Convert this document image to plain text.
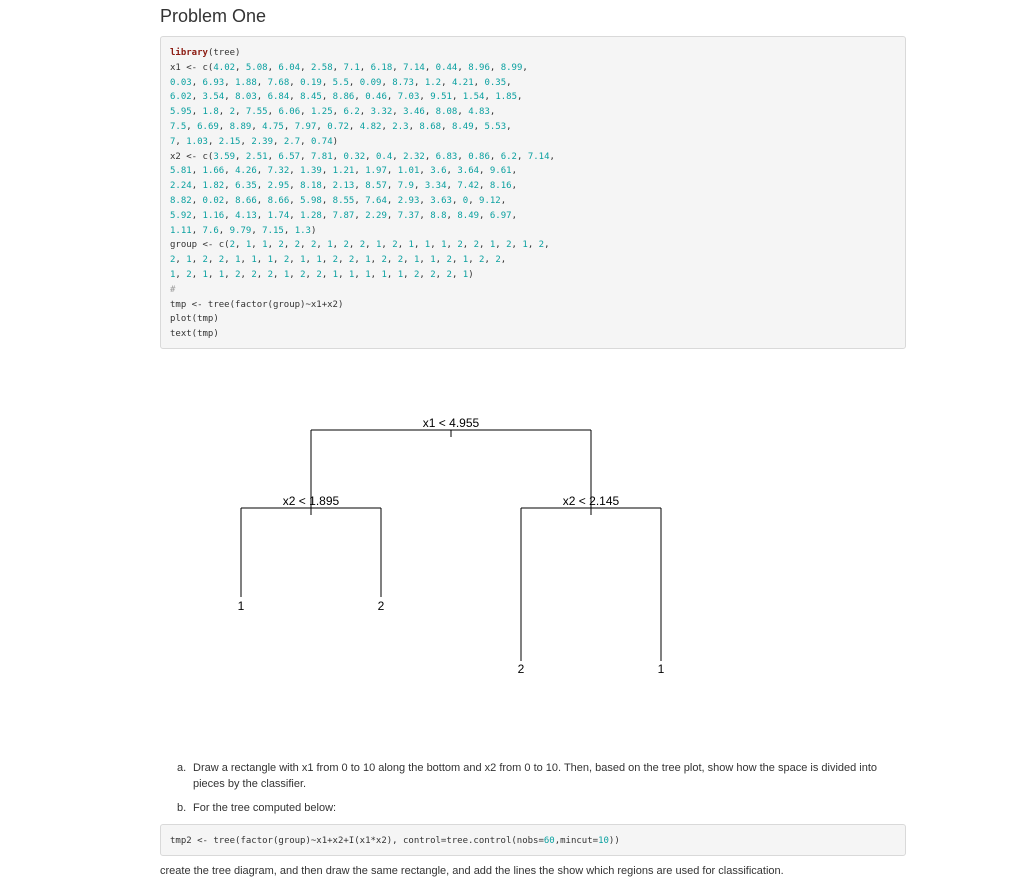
Problem One
library(tree)
x1 <- c(4.02, 5.08, 6.04, 2.58, 7.1, 6.18, 7.14, 0.44, 8.96, 8.99,
0.03, 6.93, 1.88, 7.68, 0.19, 5.5, 0.09, 8.73, 1.2, 4.21, 0.35,
6.02, 3.54, 8.03, 6.84, 8.45, 8.86, 0.46, 7.03, 9.51, 1.54, 1.85,
5.95, 1.8, 2, 7.55, 6.06, 1.25, 6.2, 3.32, 3.46, 8.08, 4.83,
7.5, 6.69, 8.89, 4.75, 7.97, 0.72, 4.82, 2.3, 8.68, 8.49, 5.53,
7, 1.03, 2.15, 2.39, 2.7, 0.74)
x2 <- c(3.59, 2.51, 6.57, 7.81, 0.32, 0.4, 2.32, 6.83, 0.86, 6.2, 7.14,
5.81, 1.66, 4.26, 7.32, 1.39, 1.21, 1.97, 1.01, 3.6, 3.64, 9.61,
2.24, 1.82, 6.35, 2.95, 8.18, 2.13, 8.57, 7.9, 3.34, 7.42, 8.16,
8.82, 0.02, 8.66, 8.66, 5.98, 8.55, 7.64, 2.93, 3.63, 0, 9.12,
5.92, 1.16, 4.13, 1.74, 1.28, 7.87, 2.29, 7.37, 8.8, 8.49, 6.97,
1.11, 7.6, 9.79, 7.15, 1.3)
group <- c(2, 1, 1, 2, 2, 2, 1, 2, 2, 1, 2, 1, 1, 1, 2, 2, 1, 2, 1, 2,
2, 1, 2, 2, 1, 1, 1, 2, 1, 1, 2, 2, 1, 2, 2, 1, 1, 2, 1, 2, 2,
1, 2, 1, 1, 2, 2, 2, 1, 2, 2, 1, 1, 1, 1, 1, 2, 2, 2, 1)
#
tmp <- tree(factor(group)~x1+x2)
plot(tmp)
text(tmp)
x1 < 4.955
x2 < 1.895	x2 < 2.145
1	2
2	1
a. Draw a rectangle with x1 from 0 to 10 along the bottom and x2 from 0 to 10. Then, based on the tree plot, show how the space is divided into pieces by the classifier.
b. For the tree computed below:
tmp2 <- tree(factor(group)~x1+x2+I(x1*x2), control=tree.control(nobs=60,mincut=10))

create the tree diagram, and then draw the same rectangle, and add the lines the show which regions are used for classification.
